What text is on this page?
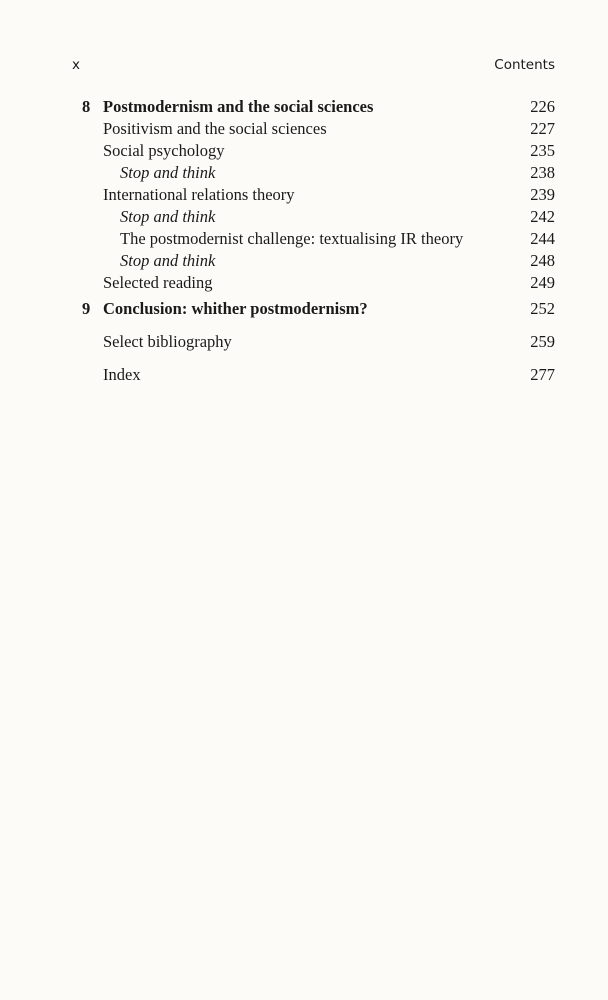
x	Contents
8 Postmodernism and the social sciences	226
Positivism and the social sciences	227
Social psychology	235
Stop and think	238
International relations theory	239
Stop and think	242
The postmodernist challenge: textualising IR theory	244
Stop and think	248
Selected reading	249
9 Conclusion: whither postmodernism?	252
Select bibliography	259
Index	277
